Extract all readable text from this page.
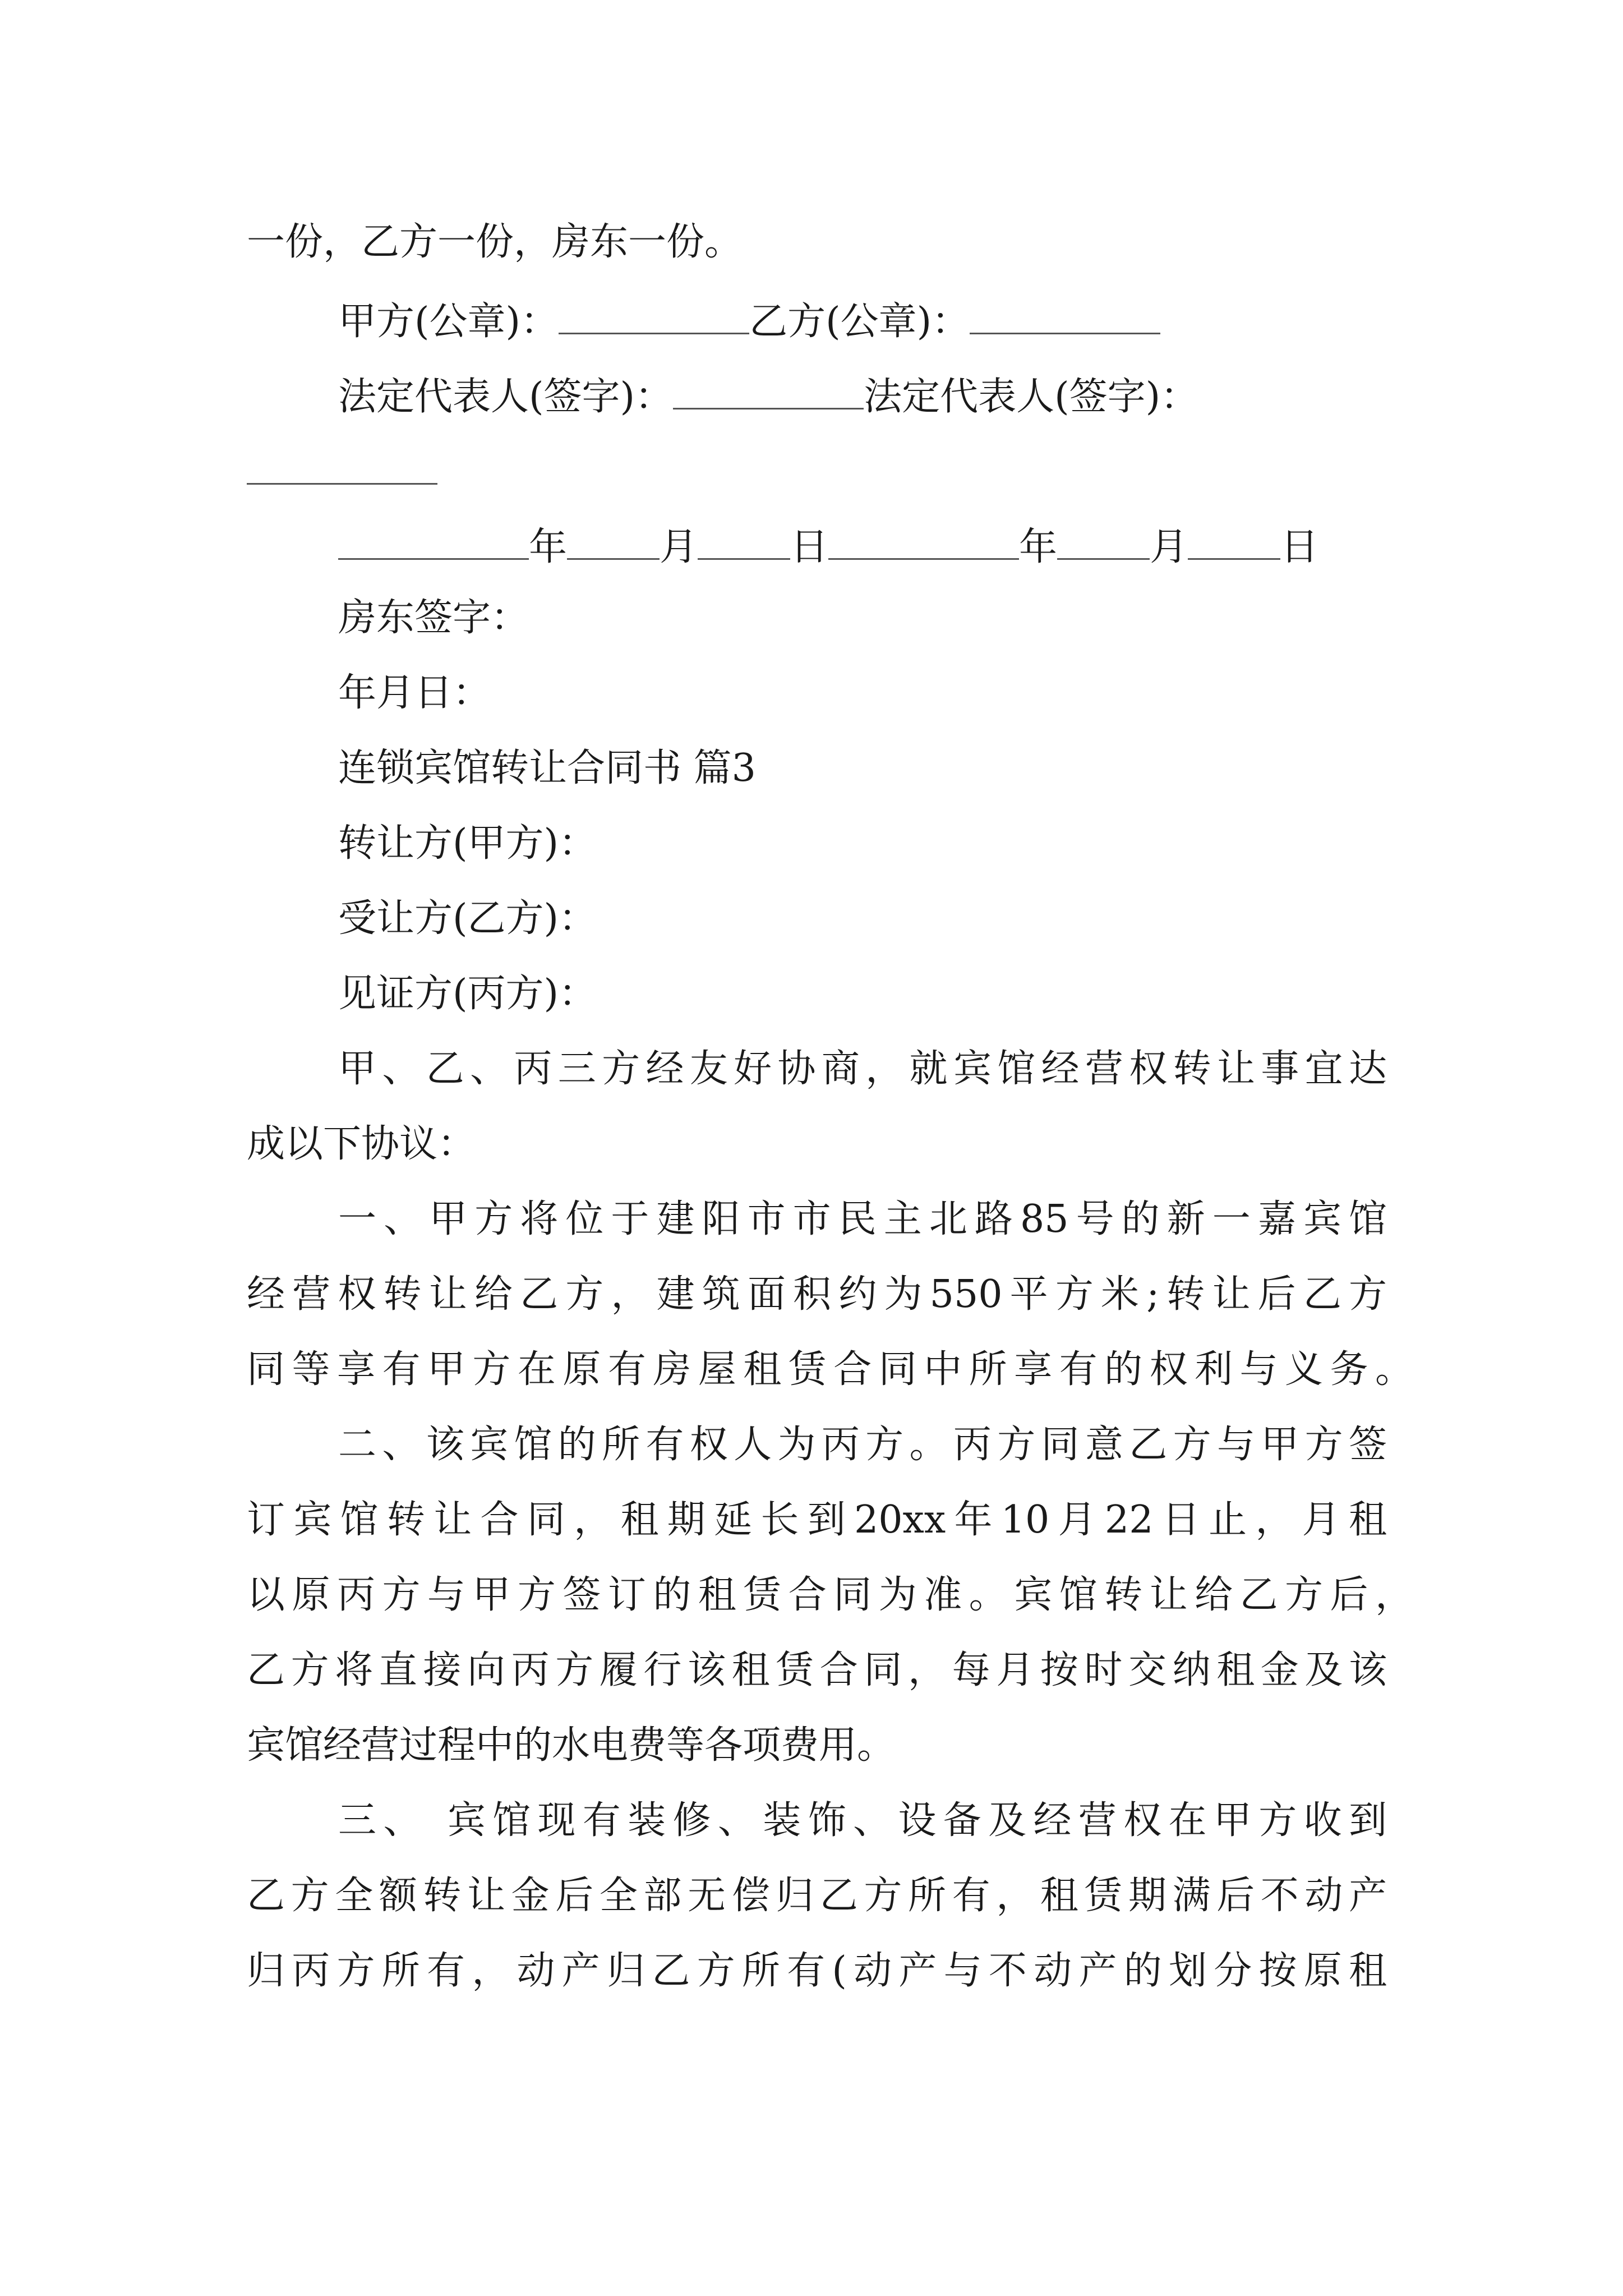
一份，乙方一份，房东一份。
甲方(公章)：	乙方(公章)：
法定代表人(签字)：	法定代表人(签字)：
年 月 日	年 月 日
房东签字：
年月日：
连锁宾馆转让合同书 篇3
转让方(甲方)：
受让方(乙方)：
见证方(丙方)：
甲、乙、丙三方经友好协商，就宾馆经营权转让事宜达
成以下协议：
一、甲方将位于建阳市市民主北路85号的新一嘉宾馆
经营权转让给乙方，建筑面积约为550平方米;转让后乙方
同等享有甲方在原有房屋租赁合同中所享有的权利与义务。
二、该宾馆的所有权人为丙方。丙方同意乙方与甲方签
订宾馆转让合同，租期延长到20xx年10月22日止，月租
以原丙方与甲方签订的租赁合同为准。宾馆转让给乙方后，
乙方将直接向丙方履行该租赁合同，每月按时交纳租金及该
宾馆经营过程中的水电费等各项费用。
三、 宾馆现有装修、装饰、设备及经营权在甲方收到
乙方全额转让金后全部无偿归乙方所有，租赁期满后不动产
归丙方所有，动产归乙方所有(动产与不动产的划分按原租
